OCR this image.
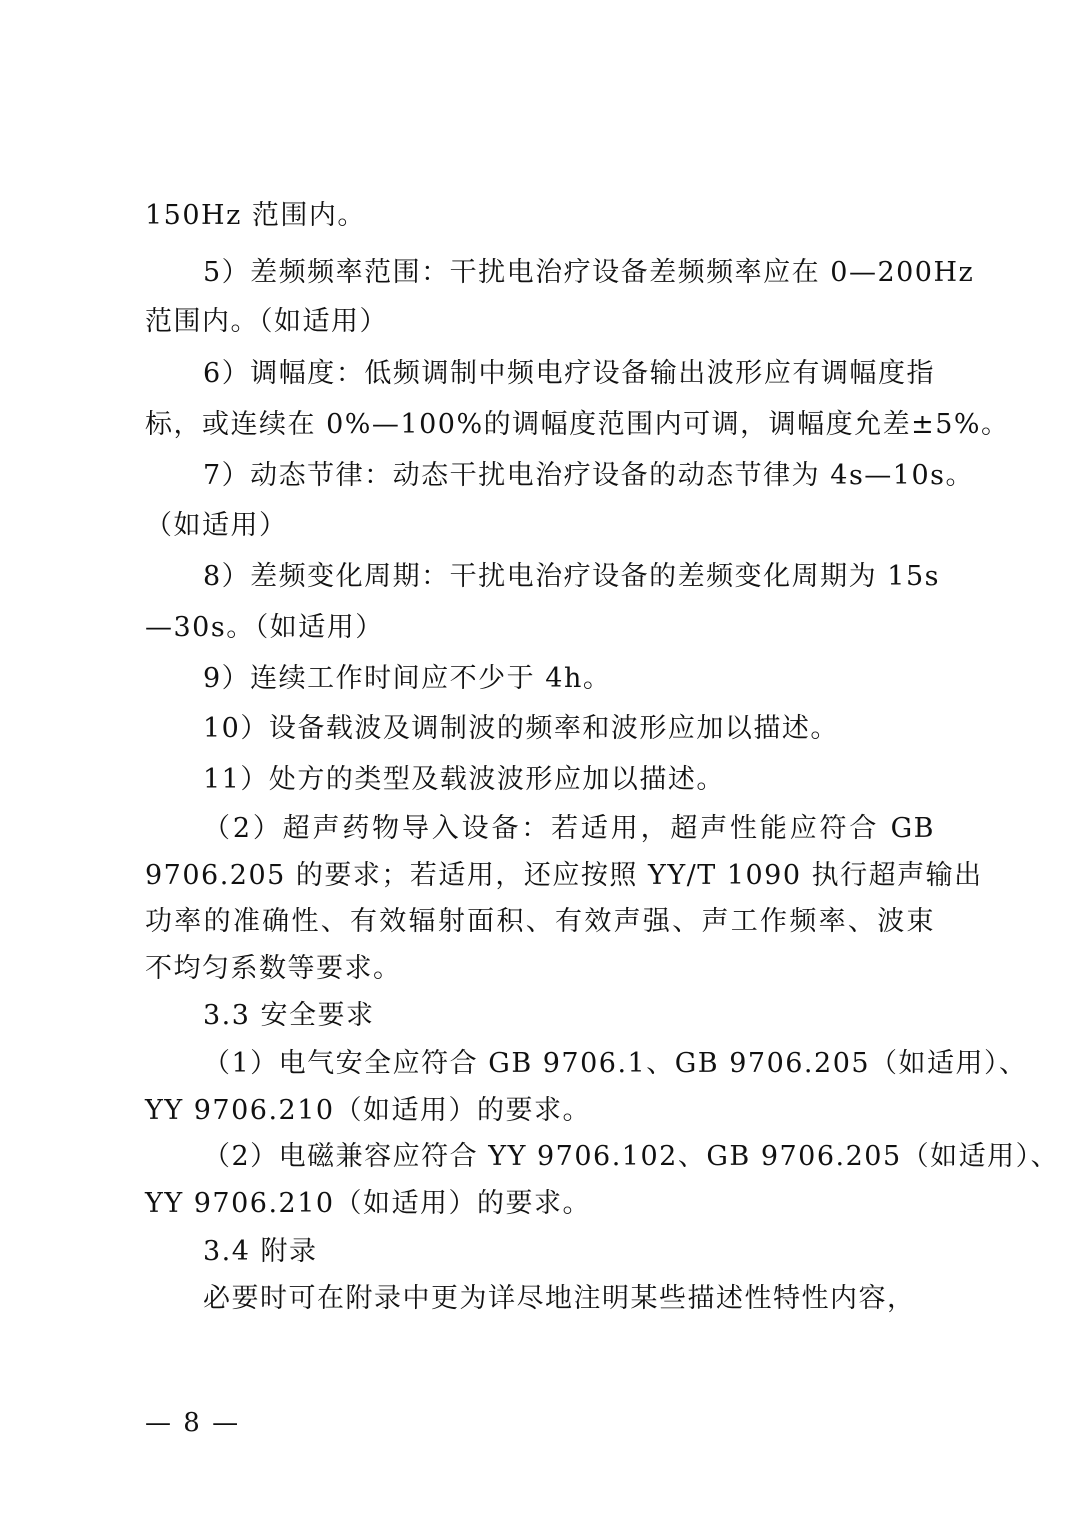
150Hz 范围内。
5）差频频率范围：干扰电治疗设备差频频率应在 0—200Hz
范围内。（如适用）
6）调幅度：低频调制中频电疗设备输出波形应有调幅度指
标，或连续在 0%—100%的调幅度范围内可调，调幅度允差±5%。
7）动态节律：动态干扰电治疗设备的动态节律为 4s—10s。
（如适用）
8）差频变化周期：干扰电治疗设备的差频变化周期为 15s
—30s。（如适用）
9）连续工作时间应不少于 4h。
10）设备载波及调制波的频率和波形应加以描述。
11）处方的类型及载波波形应加以描述。
（2）超声药物导入设备：若适用，超声性能应符合 GB
9706.205 的要求；若适用，还应按照 YY/T 1090 执行超声输出
功率的准确性、有效辐射面积、有效声强、声工作频率、波束
不均匀系数等要求。
3.3 安全要求
（1）电气安全应符合 GB 9706.1、GB 9706.205（如适用）、
YY 9706.210（如适用）的要求。
（2）电磁兼容应符合 YY 9706.102、GB 9706.205（如适用）、
YY 9706.210（如适用）的要求。
3.4 附录
必要时可在附录中更为详尽地注明某些描述性特性内容，
— 8 —
